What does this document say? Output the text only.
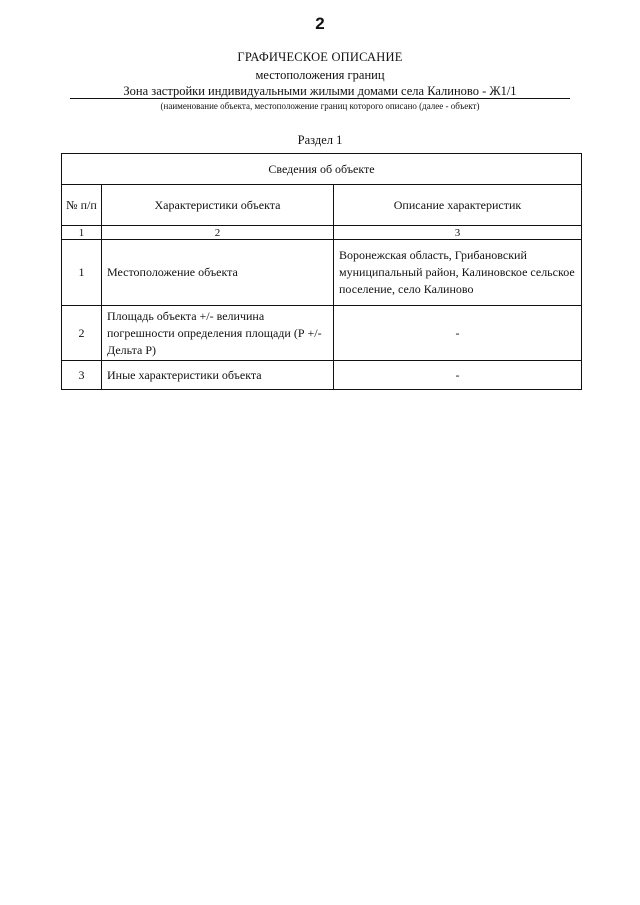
2
ГРАФИЧЕСКОЕ ОПИСАНИЕ
местоположения границ
Зона застройки индивидуальными жилыми домами села Калиново - Ж1/1
(наименование объекта, местоположение границ которого описано (далее - объект)
Раздел 1
Сведения об объекте		
№ п/п	Характеристики объекта	Описание характеристик
1	2	3
1	Местоположение объекта	Воронежская область, Грибановский муниципальный район, Калиновское сельское поселение, село Калиново
2	Площадь объекта +/- величина погрешности определения площади (Р +/- Дельта Р)	-
3	Иные характеристики объекта	-
